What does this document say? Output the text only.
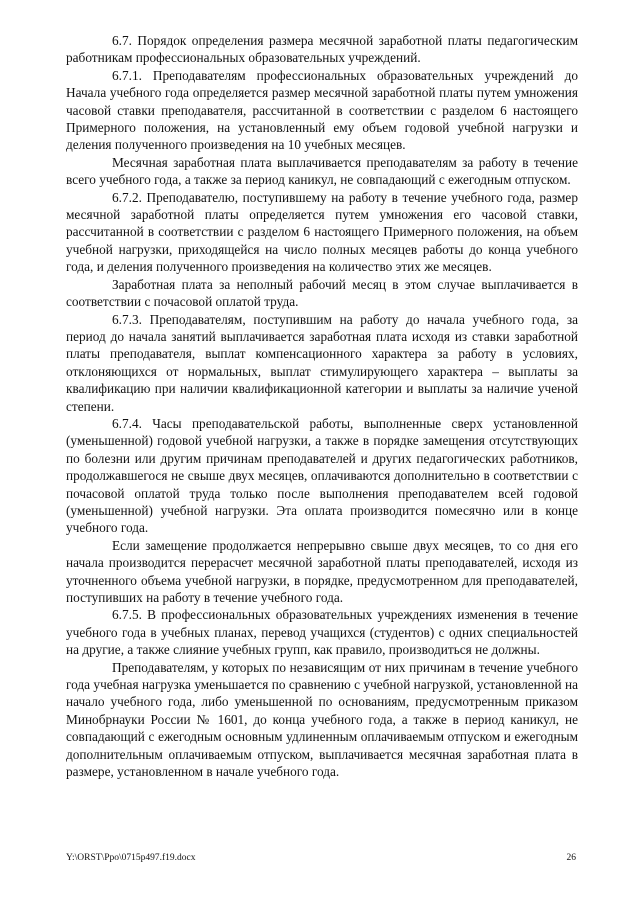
6.7. Порядок определения размера месячной заработной платы педагогическим работникам профессиональных образовательных учреждений.

6.7.1. Преподавателям профессиональных образовательных учреждений до Начала учебного года определяется размер месячной заработной платы путем умножения часовой ставки преподавателя, рассчитанной в соответствии с разделом 6 настоящего Примерного положения, на установленный ему объем годовой учебной нагрузки и деления полученного произведения на 10 учебных месяцев.

Месячная заработная плата выплачивается преподавателям за работу в течение всего учебного года, а также за период каникул, не совпадающий с ежегодным отпуском.

6.7.2. Преподавателю, поступившему на работу в течение учебного года, размер месячной заработной платы определяется путем умножения его часовой ставки, рассчитанной в соответствии с разделом 6 настоящего Примерного положения, на объем учебной нагрузки, приходящейся на число полных месяцев работы до конца учебного года, и деления полученного произведения на количество этих же месяцев.

Заработная плата за неполный рабочий месяц в этом случае выплачивается в соответствии с почасовой оплатой труда.

6.7.3. Преподавателям, поступившим на работу до начала учебного года, за период до начала занятий выплачивается заработная плата исходя из ставки заработной платы преподавателя, выплат компенсационного характера за работу в условиях, отклоняющихся от нормальных, выплат стимулирующего характера – выплаты за квалификацию при наличии квалификационной категории и выплаты за наличие ученой степени.

6.7.4. Часы преподавательской работы, выполненные сверх установленной (уменьшенной) годовой учебной нагрузки, а также в порядке замещения отсутствующих по болезни или другим причинам преподавателей и других педагогических работников, продолжавшегося не свыше двух месяцев, оплачиваются дополнительно в соответствии с почасовой оплатой труда только после выполнения преподавателем всей годовой (уменьшенной) учебной нагрузки. Эта оплата производится помесячно или в конце учебного года.

Если замещение продолжается непрерывно свыше двух месяцев, то со дня его начала производится перерасчет месячной заработной платы преподавателей, исходя из уточненного объема учебной нагрузки, в порядке, предусмотренном для преподавателей, поступивших на работу в течение учебного года.

6.7.5. В профессиональных образовательных учреждениях изменения в течение учебного года в учебных планах, перевод учащихся (студентов) с одних специальностей на другие, а также слияние учебных групп, как правило, производиться не должны.

Преподавателям, у которых по независящим от них причинам в течение учебного года учебная нагрузка уменьшается по сравнению с учебной нагрузкой, установленной на начало учебного года, либо уменьшенной по основаниям, предусмотренным приказом Минобрнауки России № 1601, до конца учебного года, а также в период каникул, не совпадающий с ежегодным основным удлиненным оплачиваемым отпуском и ежегодным дополнительным оплачиваемым отпуском, выплачивается месячная заработная плата в размере, установленном в начале учебного года.

Y:\ORST\Ppo\0715p497.f19.docx	26
